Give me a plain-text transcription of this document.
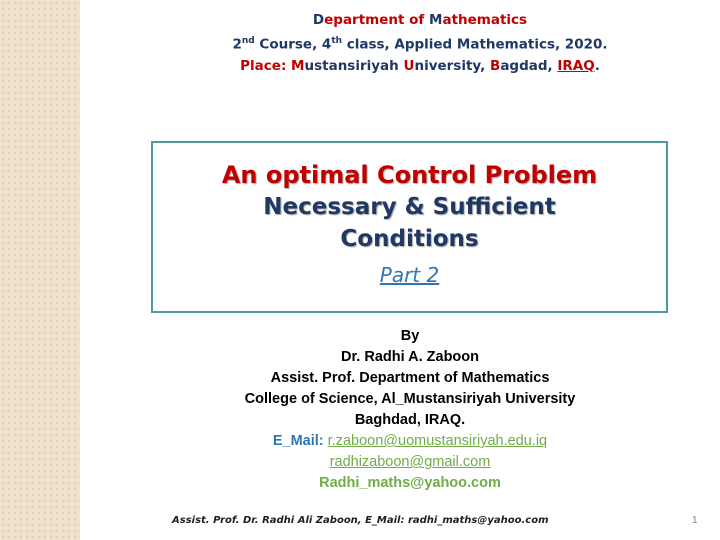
Department of Mathematics
2nd Course, 4th class, Applied Mathematics, 2020.
Place: Mustansiriyah University, Bagdad, IRAQ.
An optimal Control Problem
Necessary & Sufficient
Conditions
Part 2
By
Dr. Radhi A. Zaboon
Assist. Prof. Department of Mathematics
College of Science, Al_Mustansiriyah University
Baghdad, IRAQ.
E_Mail: r.zaboon@uomustansiriyah.edu.iq
radhizaboon@gmail.com
Radhi_maths@yahoo.com
Assist. Prof. Dr. Radhi Ali Zaboon, E_Mail: radhi_maths@yahoo.com	1
